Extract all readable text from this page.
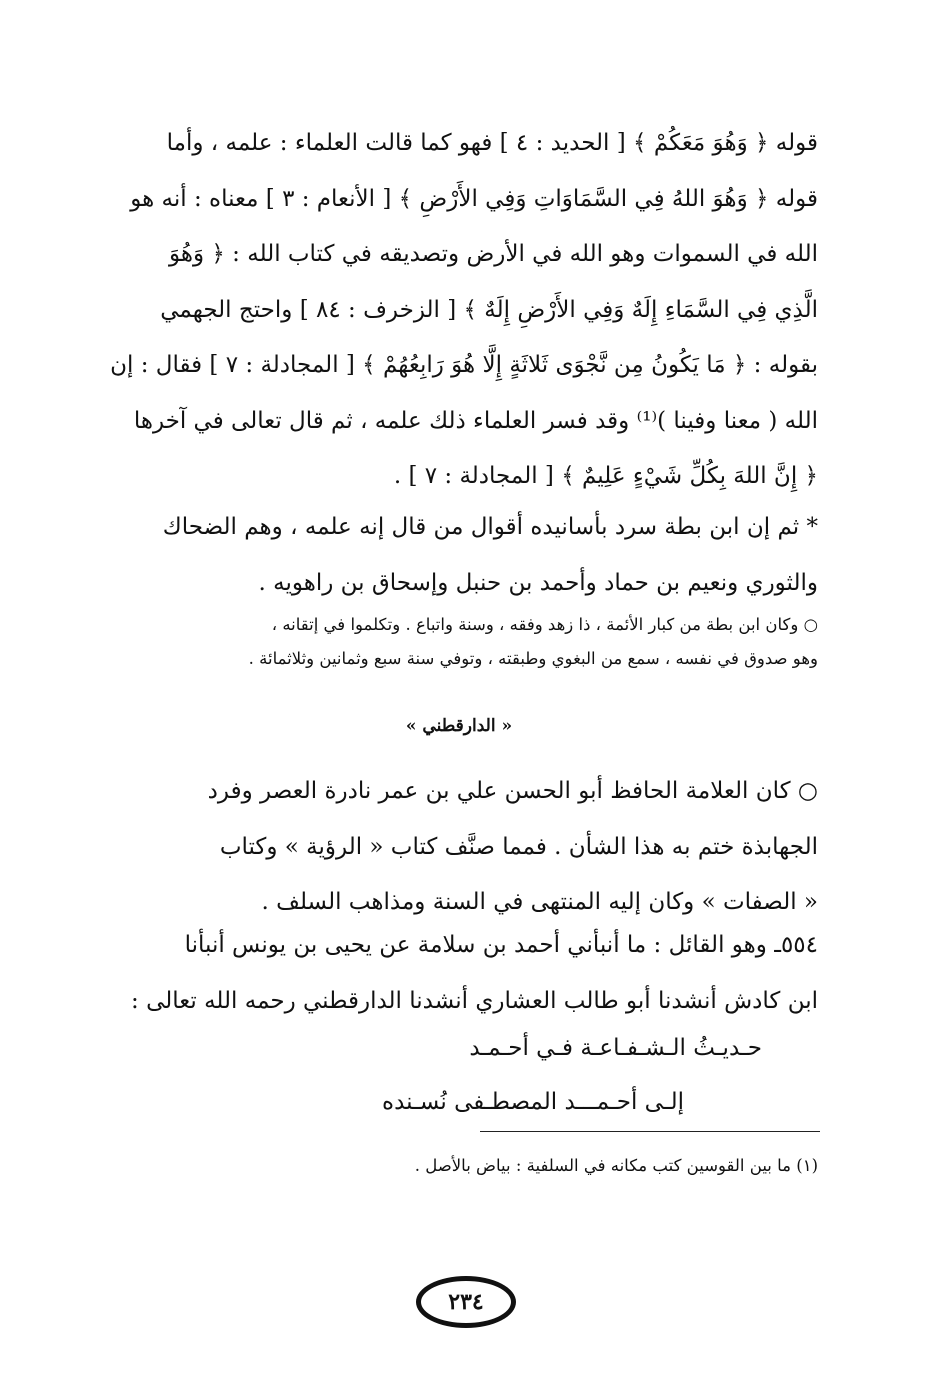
قوله ﴿ وَهُوَ مَعَكُمْ ﴾ [ الحديد : ٤ ] فهو كما قالت العلماء : علمه ، وأما
قوله ﴿ وَهُوَ اللهُ فِي السَّمَاوَاتِ وَفِي الأَرْضِ ﴾ [ الأنعام : ٣ ] معناه : أنه هو
الله في السموات وهو الله في الأرض وتصديقه في كتاب الله : ﴿ وَهُوَ
الَّذِي فِي السَّمَاءِ إِلَهٌ وَفِي الأَرْضِ إِلَهٌ ﴾ [ الزخرف : ٨٤ ] واحتج الجهمي
بقوله : ﴿ مَا يَكُونُ مِن نَّجْوَى ثَلاثَةٍ إِلَّا هُوَ رَابِعُهُمْ ﴾ [ المجادلة : ٧ ] فقال : إن
الله ( معنا وفينا )⁽¹⁾ وقد فسر العلماء ذلك علمه ، ثم قال تعالى في آخرها
﴿ إِنَّ اللهَ بِكُلِّ شَيْءٍ عَلِيمٌ ﴾ [ المجادلة : ٧ ] .
* ثم إن ابن بطة سرد بأسانيده أقوال من قال إنه علمه ، وهم الضحاك
والثوري ونعيم بن حماد وأحمد بن حنبل وإسحاق بن راهويه .
○ وكان ابن بطة من كبار الأئمة ، ذا زهد وفقه ، وسنة واتباع . وتكلموا في إتقانه ،
وهو صدوق في نفسه ، سمع من البغوي وطبقته ، وتوفي سنة سبع وثمانين وثلاثمائة .
« الدارقطني »
○ كان العلامة الحافظ أبو الحسن علي بن عمر نادرة العصر وفرد
الجهابذة ختم به هذا الشأن . فمما صنَّف كتاب « الرؤية » وكتاب
« الصفات » وكان إليه المنتهى في السنة ومذاهب السلف .
٥٥٤ـ وهو القائل : ما أنبأني أحمد بن سلامة عن يحيى بن يونس أنبأنا
ابن كادش أنشدنا أبو طالب العشاري أنشدنا الدارقطني رحمه الله تعالى :
حـديـثُ الـشـفـاعـة فـي أحـمـد
إلـى أحـمـــد المصطـفى نُسـنده
(١) ما بين القوسين كتب مكانه في السلفية : بياض بالأصل .
٢٣٤
